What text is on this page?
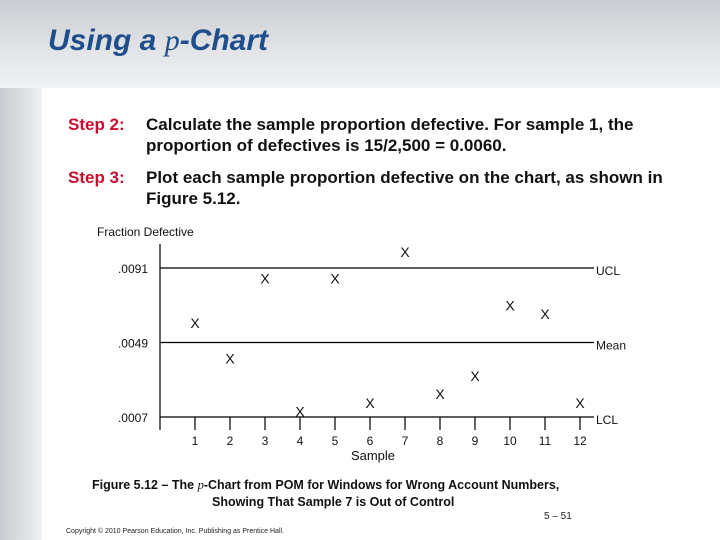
Using a p-Chart
Step 2: Calculate the sample proportion defective. For sample 1, the proportion of defectives is 15/2,500 = 0.0060.
Step 3: Plot each sample proportion defective on the chart, as shown in Figure 5.12.
Fraction Defective
.0091	UCL
.0049	Mean
.0007	LCL
1 2 3 4 5 6 7 8 9 10 11 12
X
X
X
X
X
X
X
X
X
X
X
X
Sample
Figure 5.12 – The p-Chart from POM for Windows for Wrong Account Numbers,
Showing That Sample 7 is Out of Control
5 – 51
Copyright © 2010 Pearson Education, Inc. Publishing as Prentice Hall.
